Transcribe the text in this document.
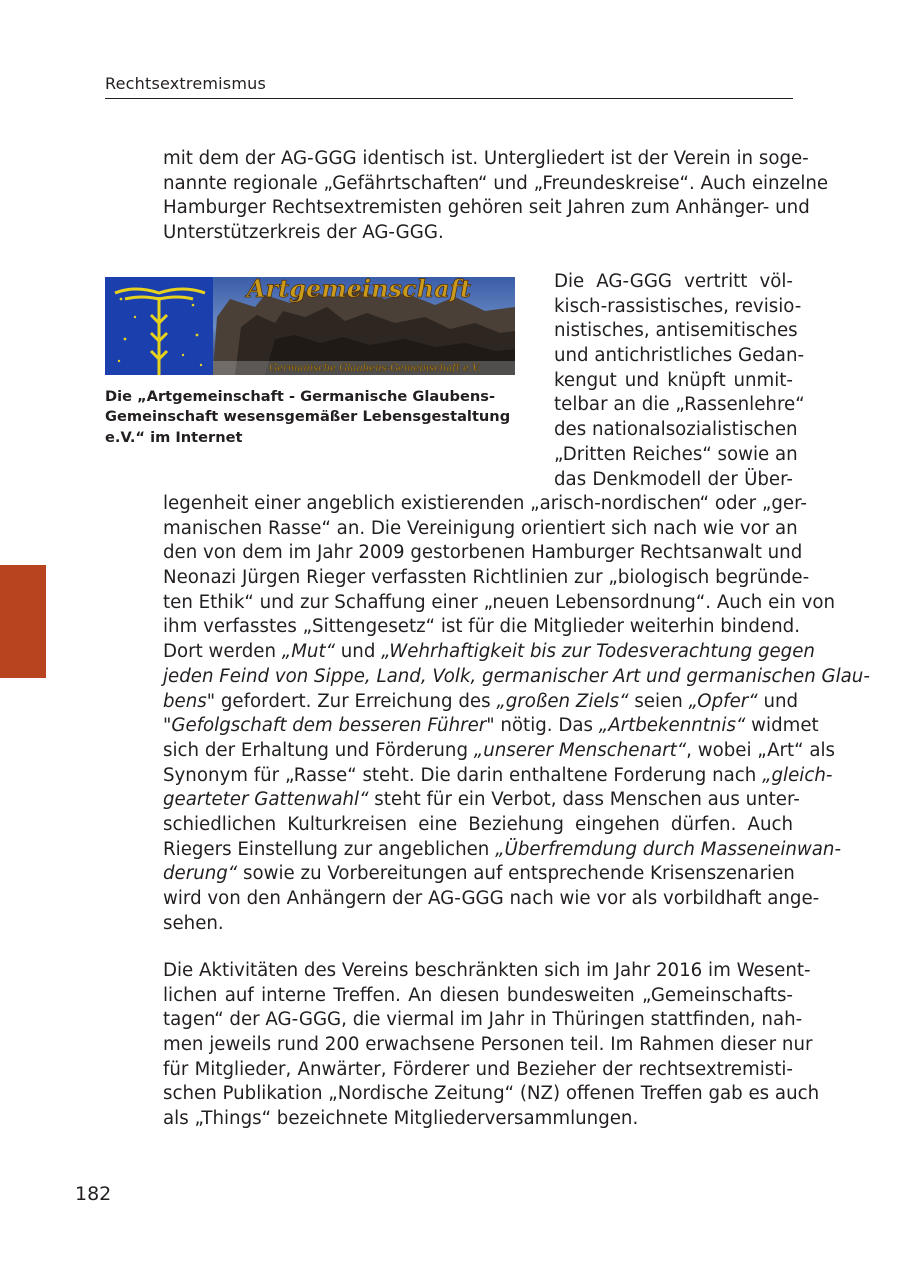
Rechtsextremismus
mit dem der AG-GGG identisch ist. Untergliedert ist der Verein in soge-
nannte regionale „Gefährtschaften“ und „Freundeskreise“. Auch einzelne
Hamburger Rechtsextremisten gehören seit Jahren zum Anhänger- und
Unterstützerkreis der AG-GGG.
Artgemeinschaft
Germanische Glaubens-Gemeinschaft e.V.
Die „Artgemeinschaft - Germanische Glaubens-
Gemeinschaft wesensgemäßer Lebensgestaltung
e.V.“ im Internet
Die AG-GGG vertritt völ-
kisch-rassistisches, revisio-
nistisches, antisemitisches
und antichristliches Gedan-
kengut und knüpft unmit-
telbar an die „Rassenlehre“
des nationalsozialistischen
„Dritten Reiches“ sowie an
das Denkmodell der Über-
legenheit einer angeblich existierenden „arisch-nordischen“ oder „ger-
manischen Rasse“ an. Die Vereinigung orientiert sich nach wie vor an
den von dem im Jahr 2009 gestorbenen Hamburger Rechtsanwalt und
Neonazi Jürgen Rieger verfassten Richtlinien zur „biologisch begründe-
ten Ethik“ und zur Schaffung einer „neuen Lebensordnung“. Auch ein von
ihm verfasstes „Sittengesetz“ ist für die Mitglieder weiterhin bindend.
Dort werden „Mut“ und „Wehrhaftigkeit bis zur Todesverachtung gegen
jeden Feind von Sippe, Land, Volk, germanischer Art und germanischen Glau-
bens" gefordert. Zur Erreichung des „großen Ziels“ seien „Opfer“ und
"Gefolgschaft dem besseren Führer" nötig. Das „Artbekenntnis“ widmet
sich der Erhaltung und Förderung „unserer Menschenart“, wobei „Art“ als
Synonym für „Rasse“ steht. Die darin enthaltene Forderung nach „gleich-
gearteter Gattenwahl“ steht für ein Verbot, dass Menschen aus unter-
schiedlichen Kulturkreisen eine Beziehung eingehen dürfen. Auch
Riegers Einstellung zur angeblichen „Überfremdung durch Masseneinwan-
derung“ sowie zu Vorbereitungen auf entsprechende Krisenszenarien
wird von den Anhängern der AG-GGG nach wie vor als vorbildhaft ange-
sehen.
Die Aktivitäten des Vereins beschränkten sich im Jahr 2016 im Wesent-
lichen auf interne Treffen. An diesen bundesweiten „Gemeinschafts-
tagen“ der AG-GGG, die viermal im Jahr in Thüringen stattfinden, nah-
men jeweils rund 200 erwachsene Personen teil. Im Rahmen dieser nur
für Mitglieder, Anwärter, Förderer und Bezieher der rechtsextremisti-
schen Publikation „Nordische Zeitung“ (NZ) offenen Treffen gab es auch
als „Things“ bezeichnete Mitgliederversammlungen.
182
